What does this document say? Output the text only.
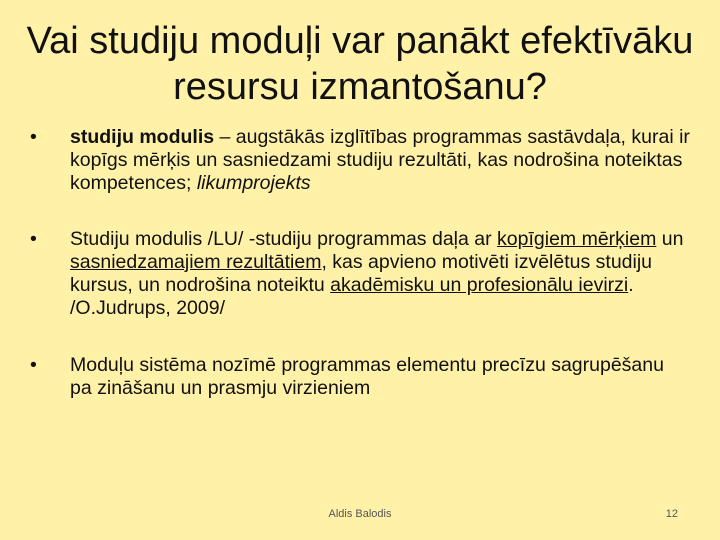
Vai studiju moduļi var panākt efektīvāku resursu izmantošanu?

•	studiju modulis – augstākās izglītības programmas sastāvdaļa, kurai ir kopīgs mērķis un sasniedzami studiju rezultāti, kas nodrošina noteiktas kompetences; likumprojekts

•	Studiju modulis /LU/ -studiju programmas daļa ar kopīgiem mērķiem un sasniedzamajiem rezultātiem, kas apvieno motivēti izvēlētus studiju kursus, un nodrošina noteiktu akadēmisku un profesionālu ievirzi. /O.Judrups, 2009/

•	Moduļu sistēma nozīmē programmas elementu precīzu sagrupēšanu pa zināšanu un prasmju virzieniem

Aldis Balodis	12
